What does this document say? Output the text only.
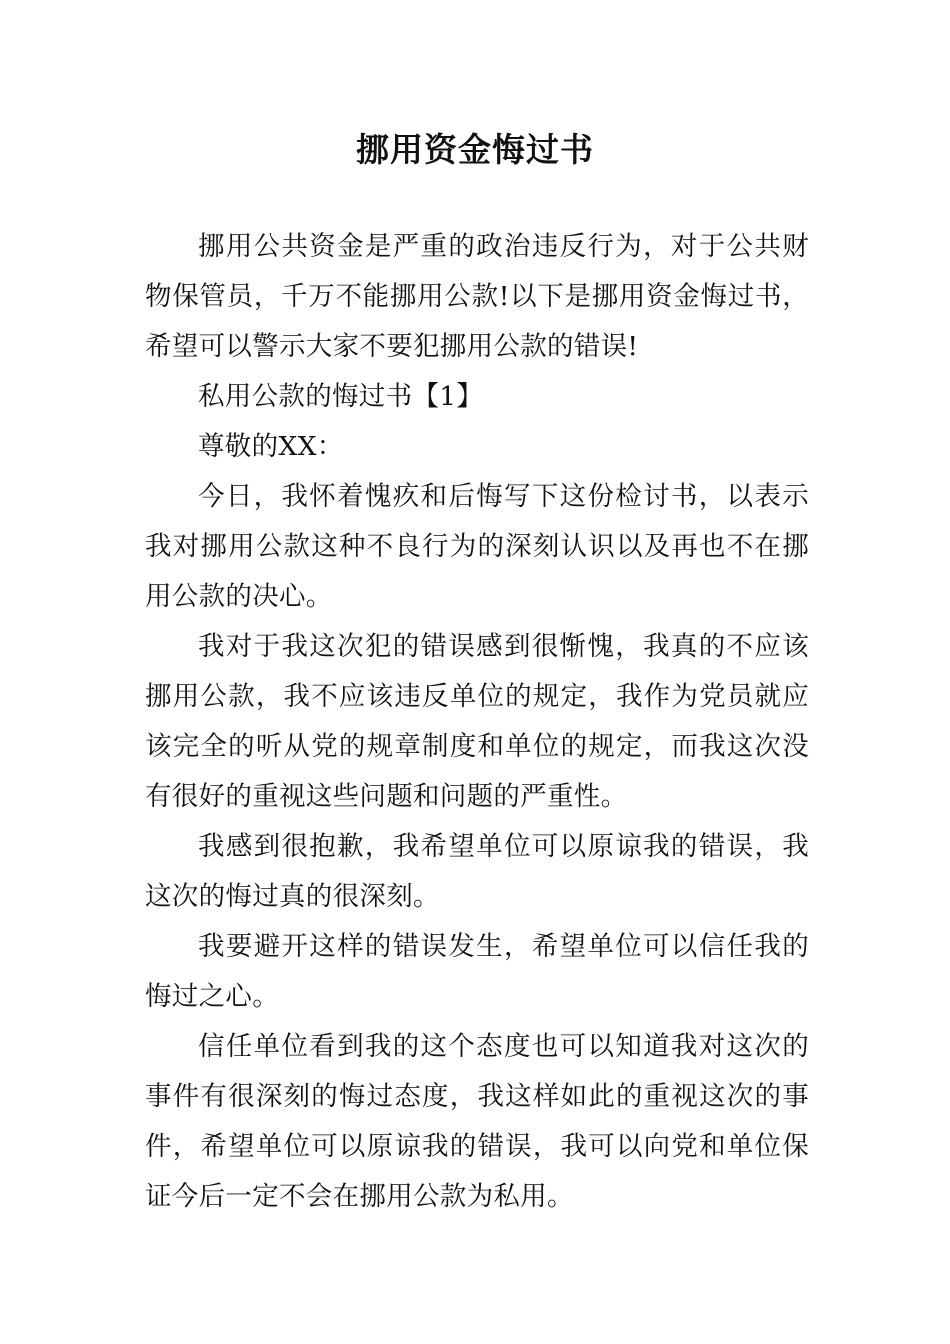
挪用资金悔过书

挪用公共资金是严重的政治违反行为，对于公共财物保管员，千万不能挪用公款!以下是挪用资金悔过书，希望可以警示大家不要犯挪用公款的错误!

私用公款的悔过书【1】

尊敬的XX：

今日，我怀着愧疚和后悔写下这份检讨书，以表示我对挪用公款这种不良行为的深刻认识以及再也不在挪用公款的决心。

我对于我这次犯的错误感到很惭愧，我真的不应该挪用公款，我不应该违反单位的规定，我作为党员就应该完全的听从党的规章制度和单位的规定，而我这次没有很好的重视这些问题和问题的严重性。

我感到很抱歉，我希望单位可以原谅我的错误，我这次的悔过真的很深刻。

我要避开这样的错误发生，希望单位可以信任我的悔过之心。

信任单位看到我的这个态度也可以知道我对这次的事件有很深刻的悔过态度，我这样如此的重视这次的事件，希望单位可以原谅我的错误，我可以向党和单位保证今后一定不会在挪用公款为私用。
